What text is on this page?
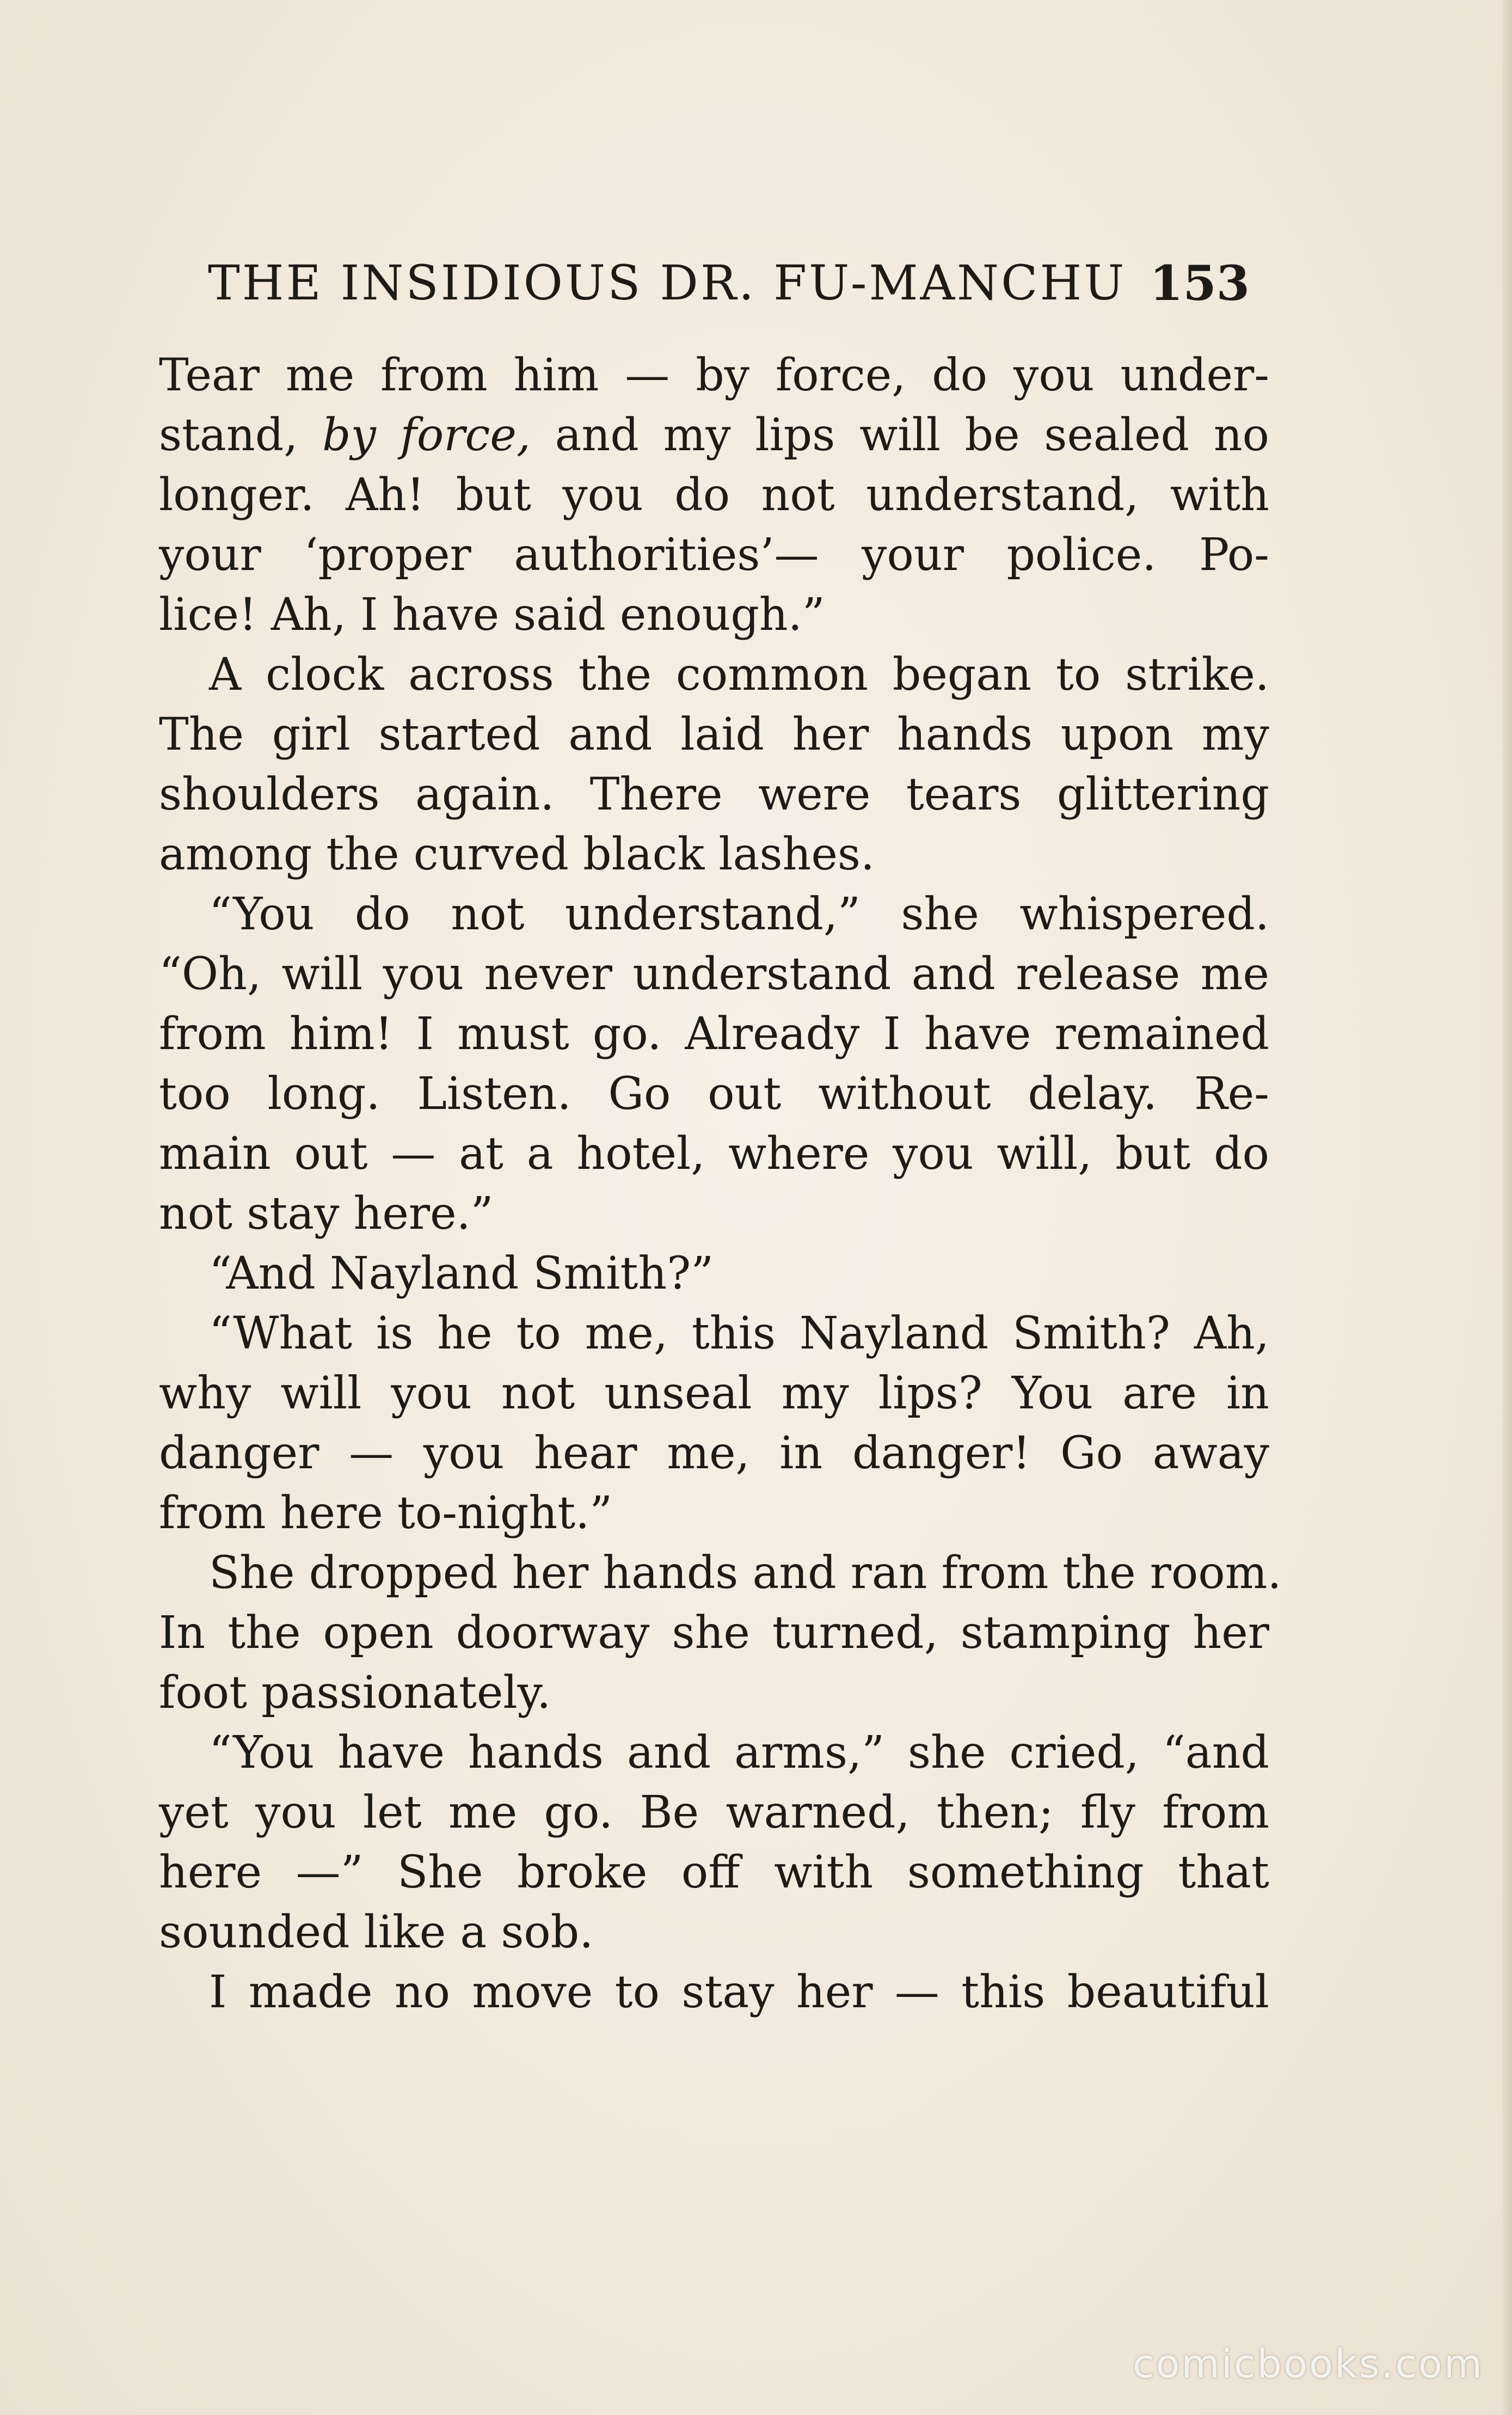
THE INSIDIOUS DR. FU-MANCHU 153
Tear me from him — by force, do you under-
stand, by force, and my lips will be sealed no
longer. Ah! but you do not understand, with
your ‘proper authorities’— your police. Po-
lice! Ah, I have said enough.”
A clock across the common began to strike.
The girl started and laid her hands upon my
shoulders again. There were tears glittering
among the curved black lashes.
“You do not understand,” she whispered.
“Oh, will you never understand and release me
from him! I must go. Already I have remained
too long. Listen. Go out without delay. Re-
main out — at a hotel, where you will, but do
not stay here.”
“And Nayland Smith?”
“What is he to me, this Nayland Smith? Ah,
why will you not unseal my lips? You are in
danger — you hear me, in danger! Go away
from here to-night.”
She dropped her hands and ran from the room.
In the open doorway she turned, stamping her
foot passionately.
“You have hands and arms,” she cried, “and
yet you let me go. Be warned, then; fly from
here —” She broke off with something that
sounded like a sob.
I made no move to stay her — this beautiful
comicbooks.com
